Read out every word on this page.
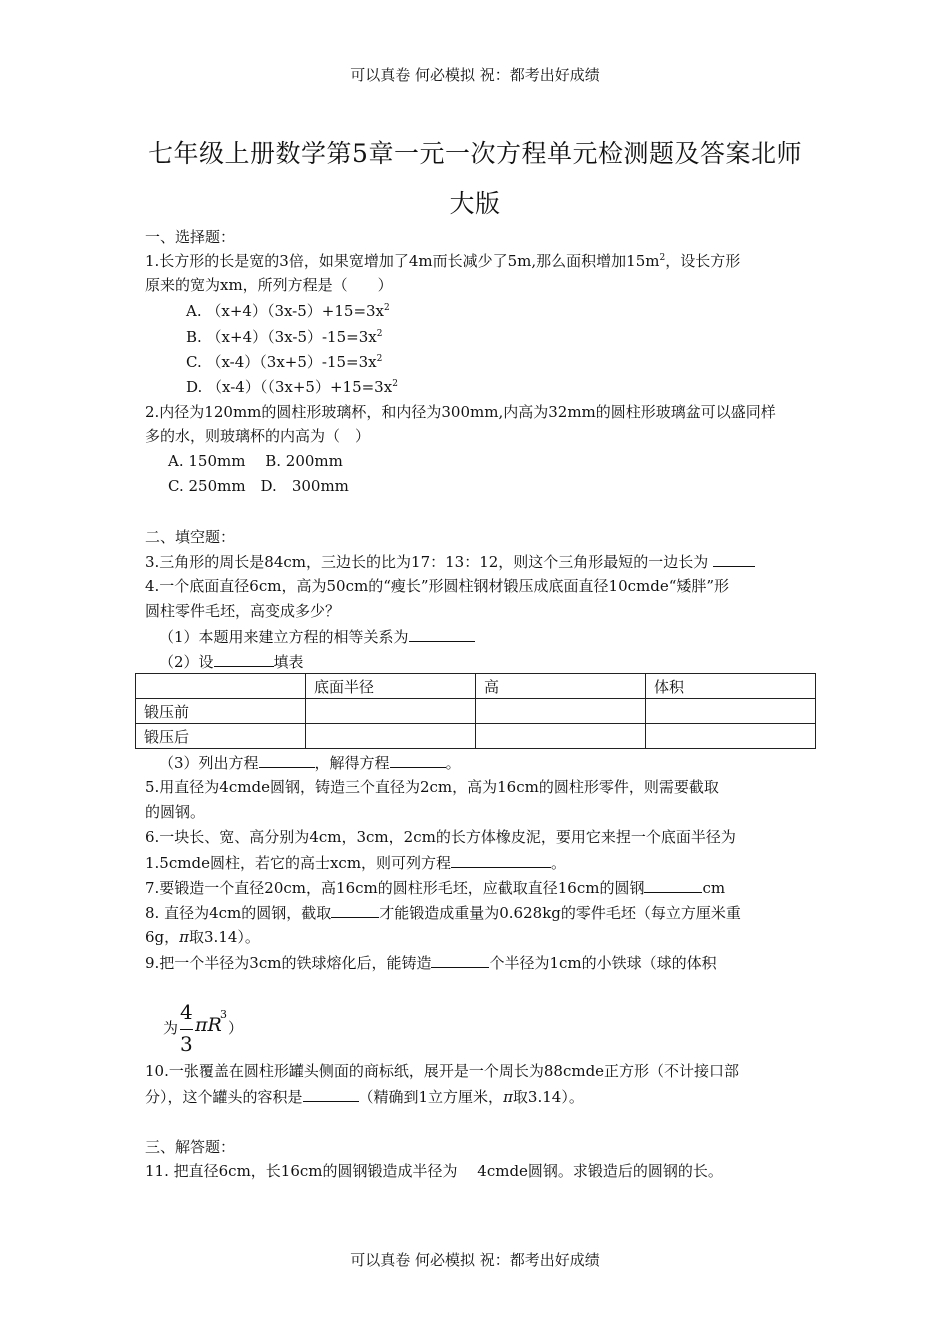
可以真卷 何必模拟 祝：都考出好成绩
七年级上册数学第5章一元一次方程单元检测题及答案北师
大版
一、选择题：
1.长方形的长是宽的3倍，如果宽增加了4m而长减少了5m,那么面积增加$15m^2$，设长方形
原来的宽为xm，所列方程是（　　）
A. $(x+4)(3x-5)+15=3x^2$
B. $(x+4)(3x-5)-15=3x^2$
C. $(x-4)(3x+5)-15=3x^2$
D. $(x-4)((3x+5)+15=3x^2$
2.内径为120mm的圆柱形玻璃杯，和内径为300mm,内高为32mm的圆柱形玻璃盆可以盛同样
多的水，则玻璃杯的内高为（　）
A. 150mm　 B. 200mm
C. 250mm　D.　300mm
二、填空题：
3.三角形的周长是84cm，三边长的比为17：13：12，则这个三角形最短的一边长为
4.一个底面直径6cm，高为50cm的“瘦长”形圆柱钢材锻压成底面直径10cmde“矮胖”形
圆柱零件毛坯，高变成多少？
（1）本题用来建立方程的相等关系为
（2）设	填表
	底面半径	高	体积
锻压前			
锻压后			
（3）列出方程	，解得方程	。
5.用直径为4cmde圆钢，铸造三个直径为2cm，高为16cm的圆柱形零件，则需要截取
的圆钢。
6.一块长、宽、高分别为4cm，3cm，2cm的长方体橡皮泥，要用它来捏一个底面半径为
1.5cmde圆柱，若它的高士xcm，则可列方程	。
7.要锻造一个直径20cm，高16cm的圆柱形毛坯，应截取直径16cm的圆钢	cm
8. 直径为4cm的圆钢，截取	才能锻造成重量为0.628kg的零件毛坯（每立方厘米重
6g，π取3.14）。
9.把一个半径为3cm的铁球熔化后，能铸造	个半径为1cm的小铁球（球的体积
为
4
3
πR
3
）
10.一张覆盖在圆柱形罐头侧面的商标纸，展开是一个周长为88cmde正方形（不计接口部
分），这个罐头的容积是	（精确到1立方厘米，π取3.14）。
三、解答题：
11. 把直径6cm，长16cm的圆钢锻造成半径为　 4cmde圆钢。求锻造后的圆钢的长。
可以真卷 何必模拟 祝：都考出好成绩
